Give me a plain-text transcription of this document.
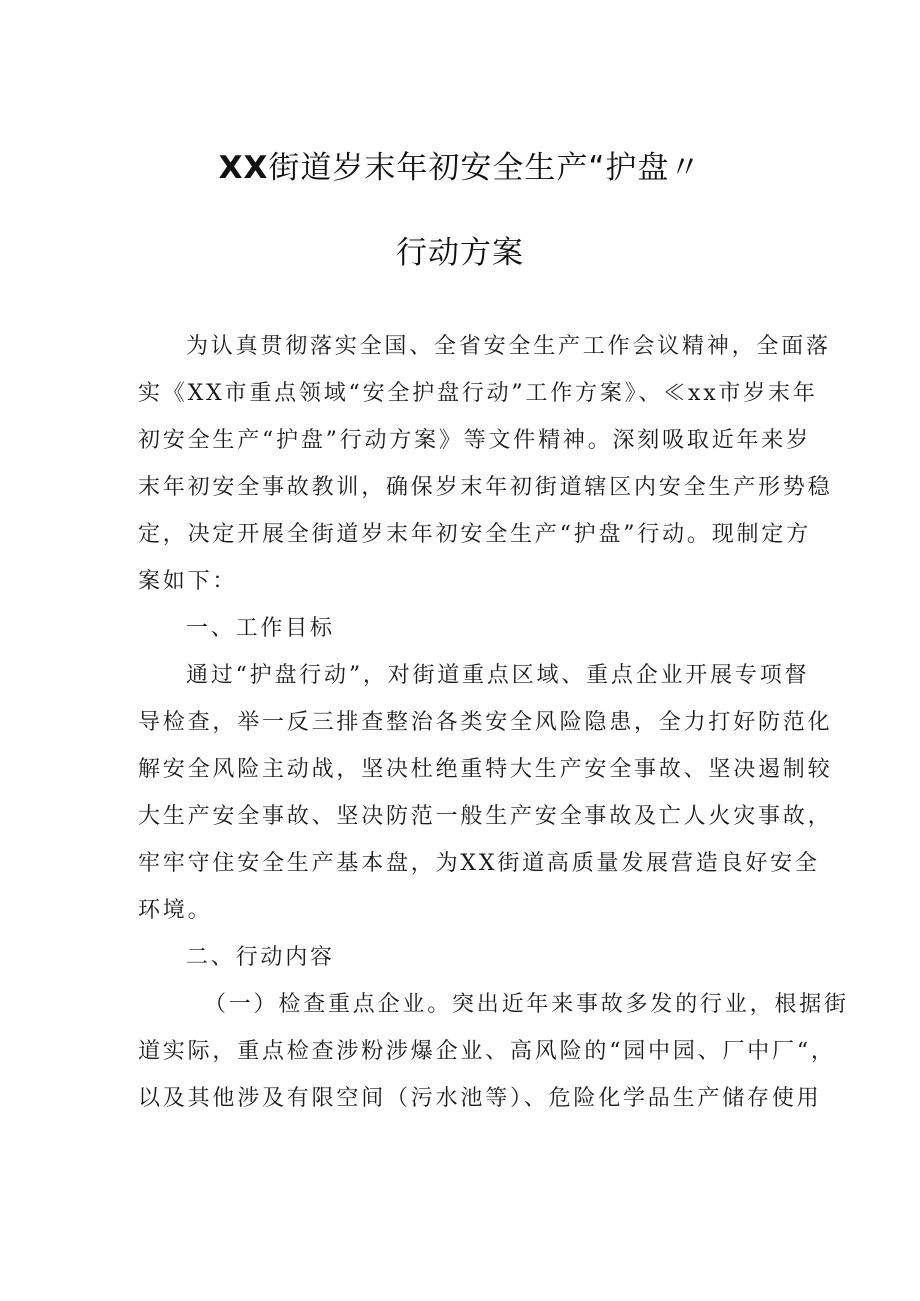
XX街道岁末年初安全生产“护盘〃
行动方案
为认真贯彻落实全国、全省安全生产工作会议精神，全面落
实《XX市重点领域“安全护盘行动”工作方案》、≪xx市岁末年
初安全生产“护盘”行动方案》等文件精神。深刻吸取近年来岁
末年初安全事故教训，确保岁末年初街道辖区内安全生产形势稳
定，决定开展全街道岁末年初安全生产“护盘”行动。现制定方
案如下：
一、工作目标
通过“护盘行动”，对街道重点区域、重点企业开展专项督
导检查，举一反三排查整治各类安全风险隐患，全力打好防范化
解安全风险主动战，坚决杜绝重特大生产安全事故、坚决遏制较
大生产安全事故、坚决防范一般生产安全事故及亡人火灾事故，
牢牢守住安全生产基本盘，为XX街道高质量发展营造良好安全
环境。
二、行动内容
（一）检查重点企业。突出近年来事故多发的行业，根据街
道实际，重点检查涉粉涉爆企业、高风险的“园中园、厂中厂“，
以及其他涉及有限空间（污水池等）、危险化学品生产储存使用
